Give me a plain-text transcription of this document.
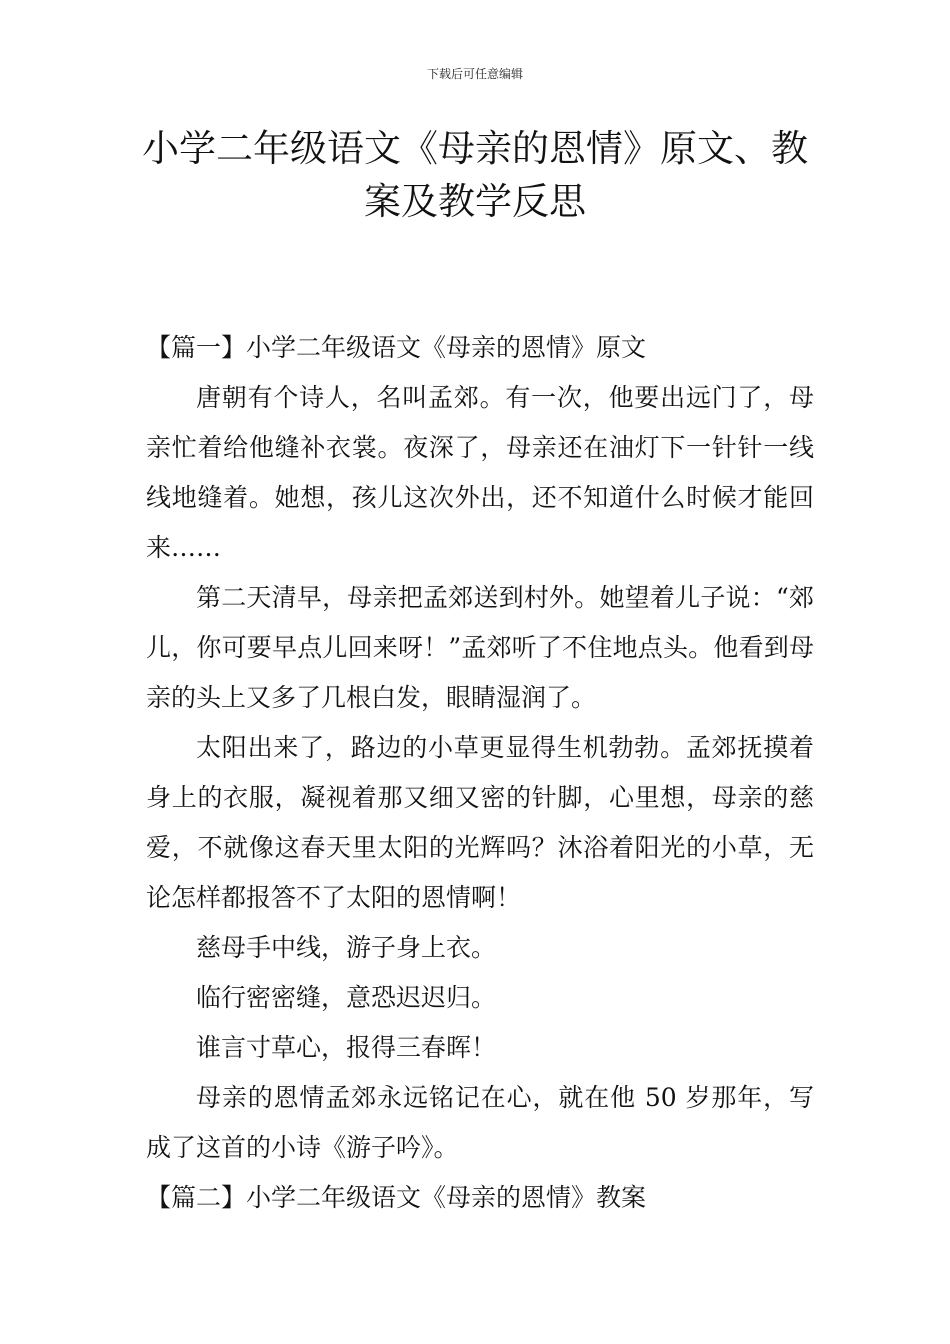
下载后可任意编辑
小学二年级语文《母亲的恩情》原文、教案及教学反思

【篇一】小学二年级语文《母亲的恩情》原文

唐朝有个诗人，名叫孟郊。有一次，他要出远门了，母亲忙着给他缝补衣裳。夜深了，母亲还在油灯下一针针一线线地缝着。她想，孩儿这次外出，还不知道什么时候才能回来……

第二天清早，母亲把孟郊送到村外。她望着儿子说：“郊儿，你可要早点儿回来呀！”孟郊听了不住地点头。他看到母亲的头上又多了几根白发，眼睛湿润了。

太阳出来了，路边的小草更显得生机勃勃。孟郊抚摸着身上的衣服，凝视着那又细又密的针脚，心里想，母亲的慈爱，不就像这春天里太阳的光辉吗？沐浴着阳光的小草，无论怎样都报答不了太阳的恩情啊！

慈母手中线，游子身上衣。

临行密密缝，意恐迟迟归。

谁言寸草心，报得三春晖！

母亲的恩情孟郊永远铭记在心，就在他 50 岁那年，写成了这首的小诗《游子吟》。

【篇二】小学二年级语文《母亲的恩情》教案
